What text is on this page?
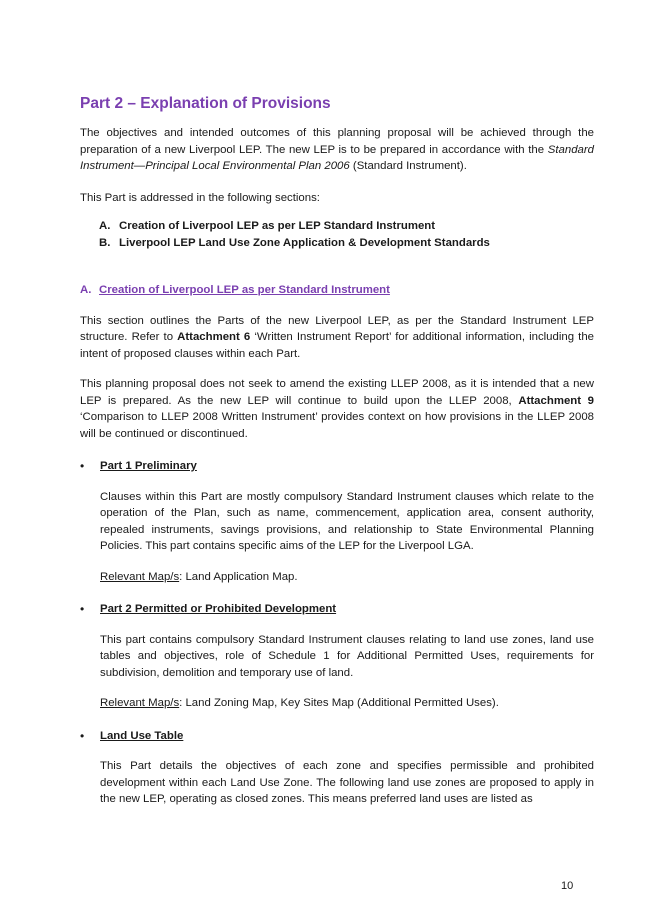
Part 2 – Explanation of Provisions

The objectives and intended outcomes of this planning proposal will be achieved through the preparation of a new Liverpool LEP. The new LEP is to be prepared in accordance with the Standard Instrument—Principal Local Environmental Plan 2006 (Standard Instrument).

This Part is addressed in the following sections:

A. Creation of Liverpool LEP as per LEP Standard Instrument
B. Liverpool LEP Land Use Zone Application & Development Standards
A. Creation of Liverpool LEP as per Standard Instrument

This section outlines the Parts of the new Liverpool LEP, as per the Standard Instrument LEP structure. Refer to Attachment 6 ‘Written Instrument Report’ for additional information, including the intent of proposed clauses within each Part.

This planning proposal does not seek to amend the existing LLEP 2008, as it is intended that a new LEP is prepared. As the new LEP will continue to build upon the LLEP 2008, Attachment 9 ‘Comparison to LLEP 2008 Written Instrument’ provides context on how provisions in the LLEP 2008 will be continued or discontinued.

•	Part 1 Preliminary

Clauses within this Part are mostly compulsory Standard Instrument clauses which relate to the operation of the Plan, such as name, commencement, application area, consent authority, repealed instruments, savings provisions, and relationship to State Environmental Planning Policies. This part contains specific aims of the LEP for the Liverpool LGA.

Relevant Map/s: Land Application Map.

•	Part 2 Permitted or Prohibited Development

This part contains compulsory Standard Instrument clauses relating to land use zones, land use tables and objectives, role of Schedule 1 for Additional Permitted Uses, requirements for subdivision, demolition and temporary use of land.

Relevant Map/s: Land Zoning Map, Key Sites Map (Additional Permitted Uses).

•	Land Use Table

This Part details the objectives of each zone and specifies permissible and prohibited development within each Land Use Zone. The following land use zones are proposed to apply in the new LEP, operating as closed zones. This means preferred land uses are listed as

10
